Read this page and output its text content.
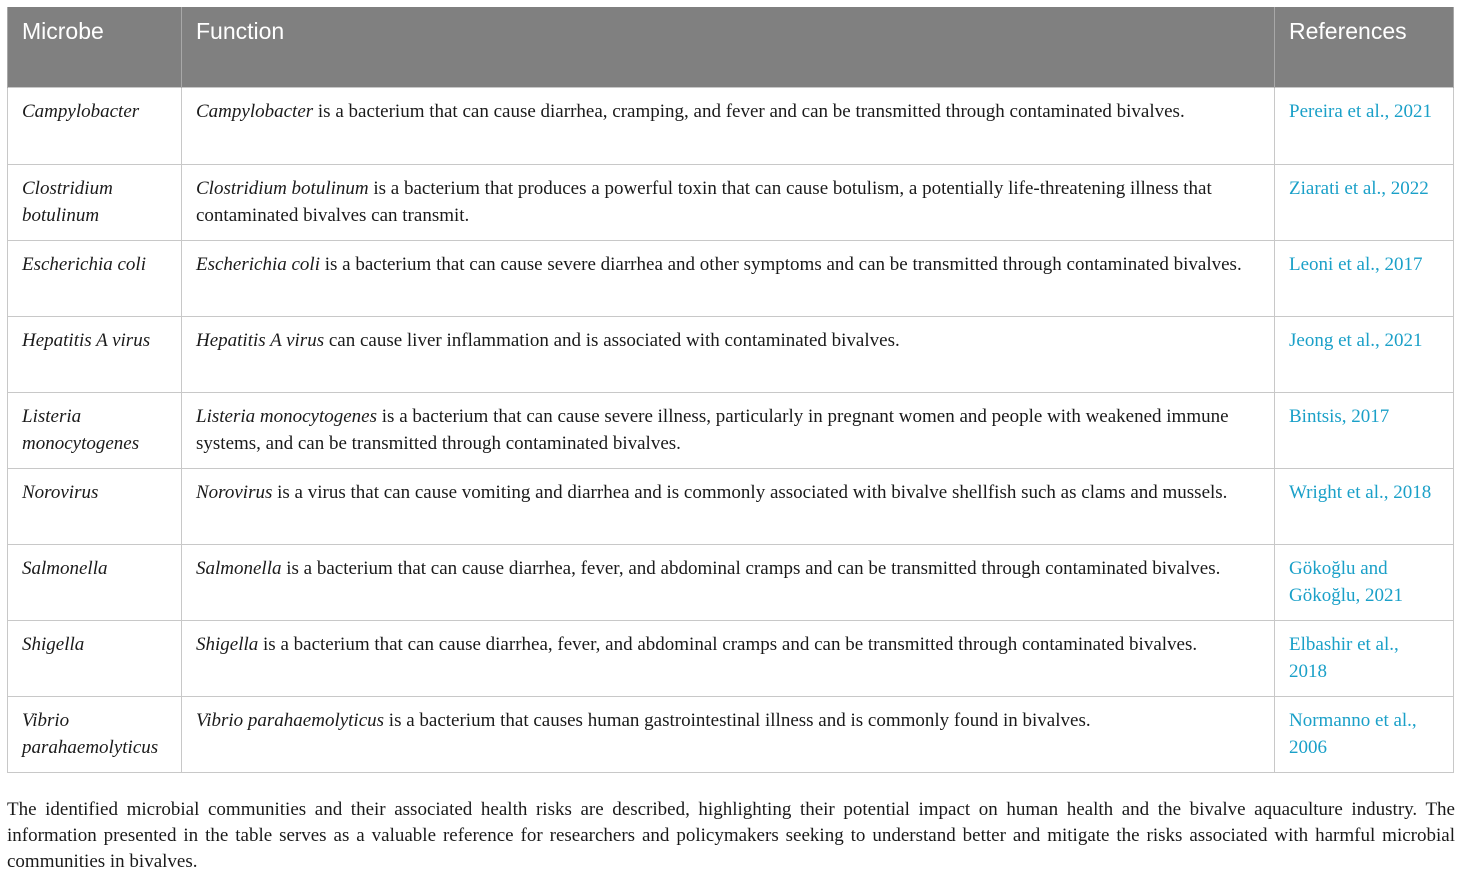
Microbe	Function	References
Campylobacter	Campylobacter is a bacterium that can cause diarrhea, cramping, and fever and can be transmitted through contaminated bivalves.	Pereira et al., 2021
Clostridium botulinum	Clostridium botulinum is a bacterium that produces a powerful toxin that can cause botulism, a potentially life-threatening illness that contaminated bivalves can transmit.	Ziarati et al., 2022
Escherichia coli	Escherichia coli is a bacterium that can cause severe diarrhea and other symptoms and can be transmitted through contaminated bivalves.	Leoni et al., 2017
Hepatitis A virus	Hepatitis A virus can cause liver inflammation and is associated with contaminated bivalves.	Jeong et al., 2021
Listeria monocytogenes	Listeria monocytogenes is a bacterium that can cause severe illness, particularly in pregnant women and people with weakened immune systems, and can be transmitted through contaminated bivalves.	Bintsis, 2017
Norovirus	Norovirus is a virus that can cause vomiting and diarrhea and is commonly associated with bivalve shellfish such as clams and mussels.	Wright et al., 2018
Salmonella	Salmonella is a bacterium that can cause diarrhea, fever, and abdominal cramps and can be transmitted through contaminated bivalves.	Gökoğlu and Gökoğlu, 2021
Shigella	Shigella is a bacterium that can cause diarrhea, fever, and abdominal cramps and can be transmitted through contaminated bivalves.	Elbashir et al., 2018
Vibrio parahaemolyticus	Vibrio parahaemolyticus is a bacterium that causes human gastrointestinal illness and is commonly found in bivalves.	Normanno et al., 2006

The identified microbial communities and their associated health risks are described, highlighting their potential impact on human health and the bivalve aquaculture industry. The information presented in the table serves as a valuable reference for researchers and policymakers seeking to understand better and mitigate the risks associated with harmful microbial communities in bivalves.
